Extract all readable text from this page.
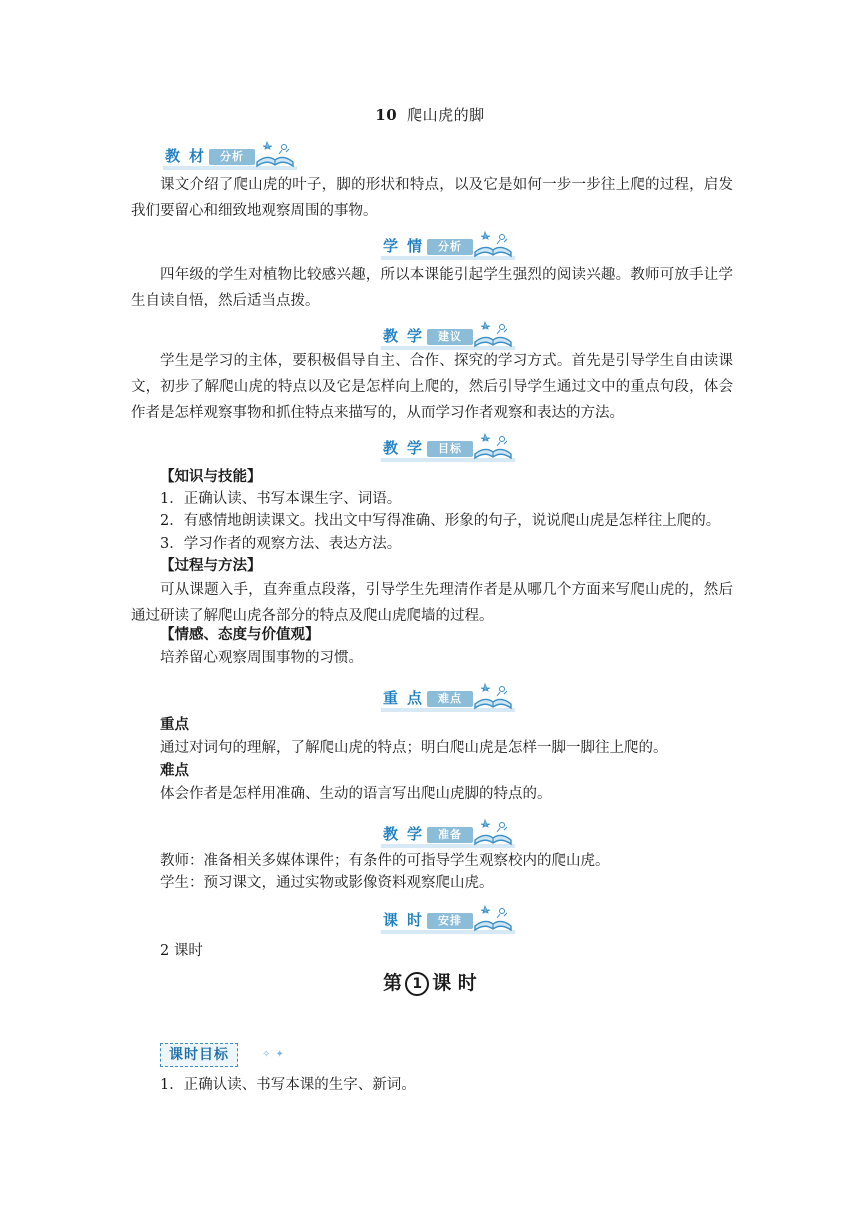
10 爬山虎的脚
教 材	分析
课文介绍了爬山虎的叶子，脚的形状和特点，以及它是如何一步一步往上爬的过程，启发我们要留心和细致地观察周围的事物。
学 情	分析
四年级的学生对植物比较感兴趣，所以本课能引起学生强烈的阅读兴趣。教师可放手让学生自读自悟，然后适当点拨。
教 学	建议
学生是学习的主体，要积极倡导自主、合作、探究的学习方式。首先是引导学生自由读课文，初步了解爬山虎的特点以及它是怎样向上爬的，然后引导学生通过文中的重点句段，体会作者是怎样观察事物和抓住特点来描写的，从而学习作者观察和表达的方法。
教 学	目标
【知识与技能】
1．正确认读、书写本课生字、词语。
2．有感情地朗读课文。找出文中写得准确、形象的句子，说说爬山虎是怎样往上爬的。
3．学习作者的观察方法、表达方法。
【过程与方法】
可从课题入手，直奔重点段落，引导学生先理清作者是从哪几个方面来写爬山虎的，然后通过研读了解爬山虎各部分的特点及爬山虎爬墙的过程。
【情感、态度与价值观】
培养留心观察周围事物的习惯。
重 点	难点
重点
通过对词句的理解，了解爬山虎的特点；明白爬山虎是怎样一脚一脚往上爬的。
难点
体会作者是怎样用准确、生动的语言写出爬山虎脚的特点的。
教 学	准备
教师：准备相关多媒体课件；有条件的可指导学生观察校内的爬山虎。
学生：预习课文，通过实物或影像资料观察爬山虎。
课 时	安排
2 课时
第 1 课 时
课时目标	✧ ✦
1．正确认读、书写本课的生字、新词。
